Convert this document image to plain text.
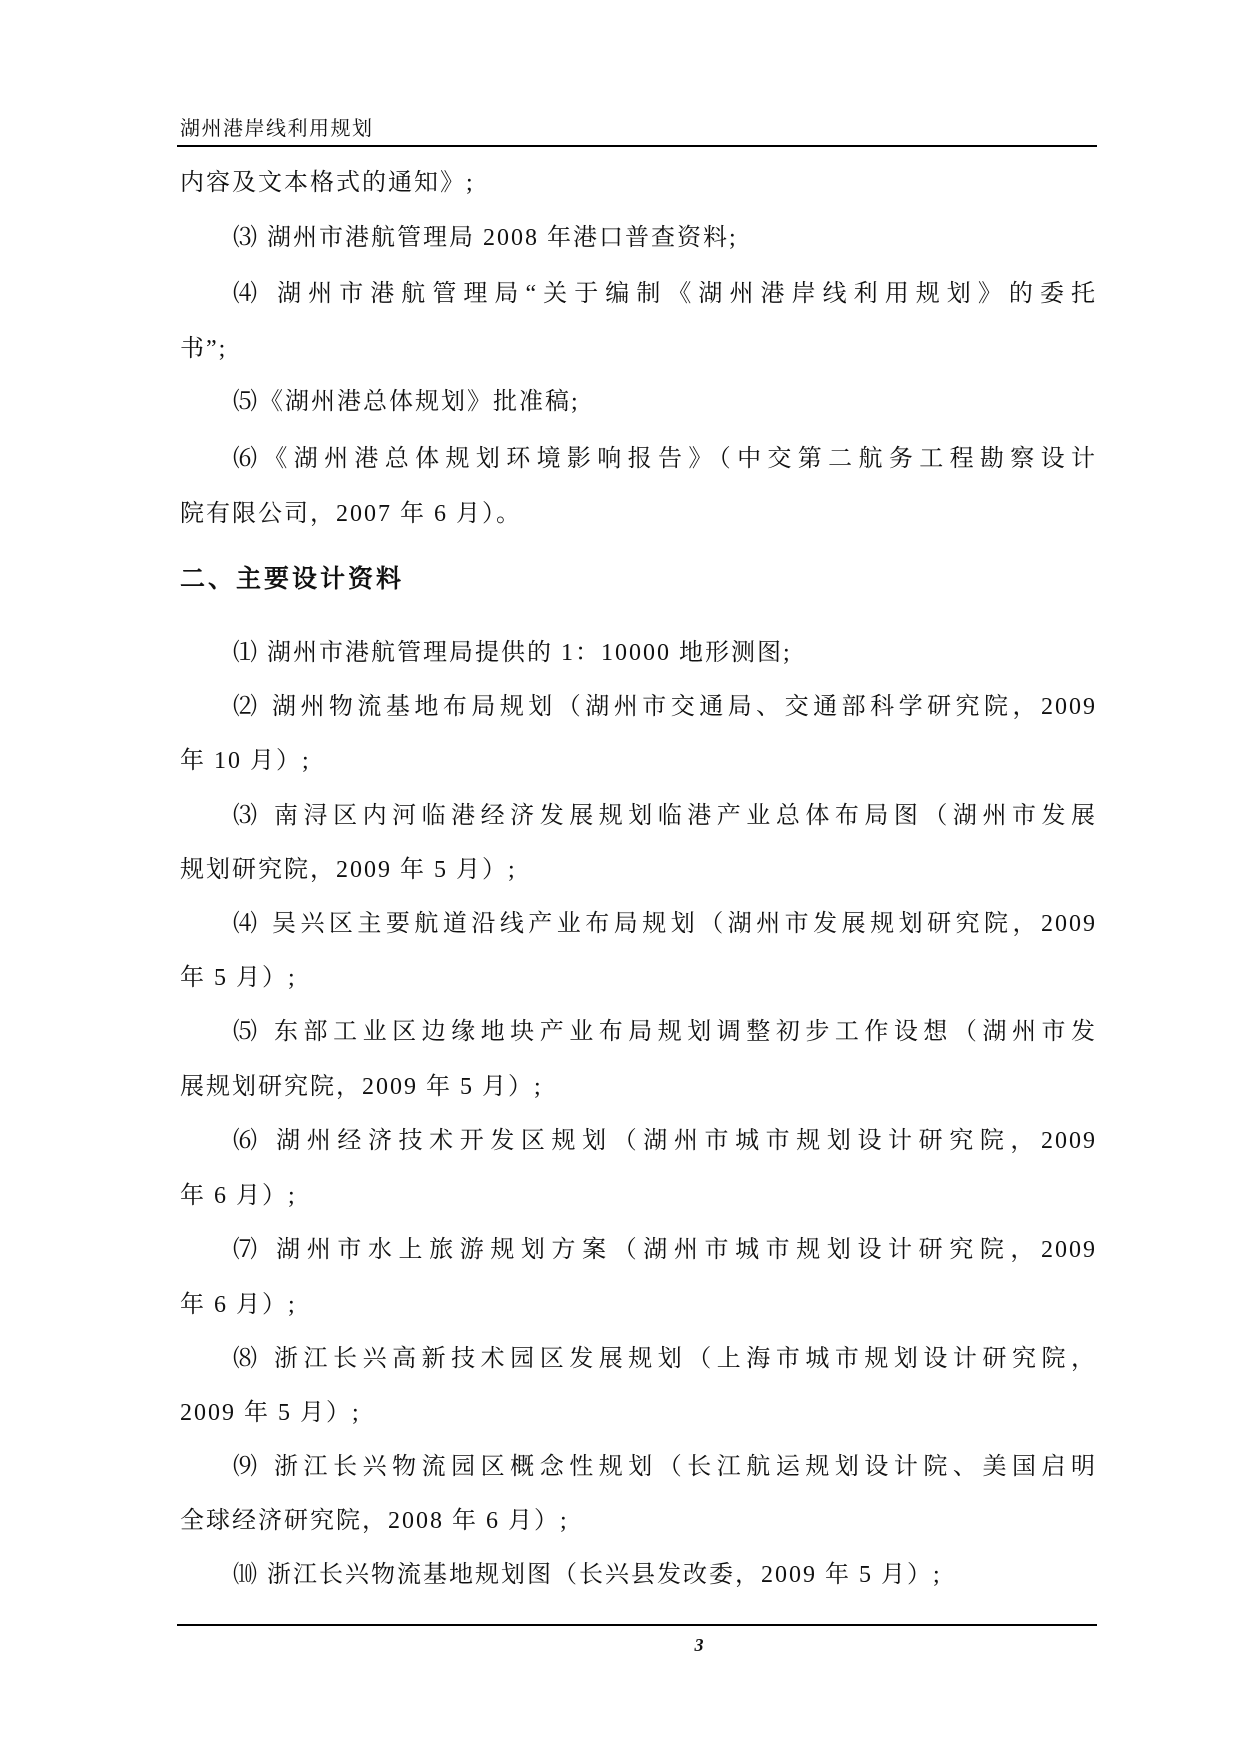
湖州港岸线利用规划
内容及文本格式的通知》;
⑶ 湖州市港航管理局 2008 年港口普查资料;
⑷ 湖州市港航管理局“关于编制《湖州港岸线利用规划》的委托
书”;
⑸《湖州港总体规划》批准稿;
⑹《湖州港总体规划环境影响报告》（中交第二航务工程勘察设计
院有限公司，2007 年 6 月）。
二、主要设计资料
⑴ 湖州市港航管理局提供的 1：10000 地形测图;
⑵ 湖州物流基地布局规划（湖州市交通局、交通部科学研究院，2009
年 10 月）;
⑶ 南浔区内河临港经济发展规划临港产业总体布局图（湖州市发展
规划研究院，2009 年 5 月）;
⑷ 吴兴区主要航道沿线产业布局规划（湖州市发展规划研究院，2009
年 5 月）;
⑸ 东部工业区边缘地块产业布局规划调整初步工作设想（湖州市发
展规划研究院，2009 年 5 月）;
⑹ 湖州经济技术开发区规划（湖州市城市规划设计研究院，2009
年 6 月）;
⑺ 湖州市水上旅游规划方案（湖州市城市规划设计研究院，2009
年 6 月）;
⑻ 浙江长兴高新技术园区发展规划（上海市城市规划设计研究院，
2009 年 5 月）;
⑼ 浙江长兴物流园区概念性规划（长江航运规划设计院、美国启明
全球经济研究院，2008 年 6 月）;
⑽ 浙江长兴物流基地规划图（长兴县发改委，2009 年 5 月）;
3
